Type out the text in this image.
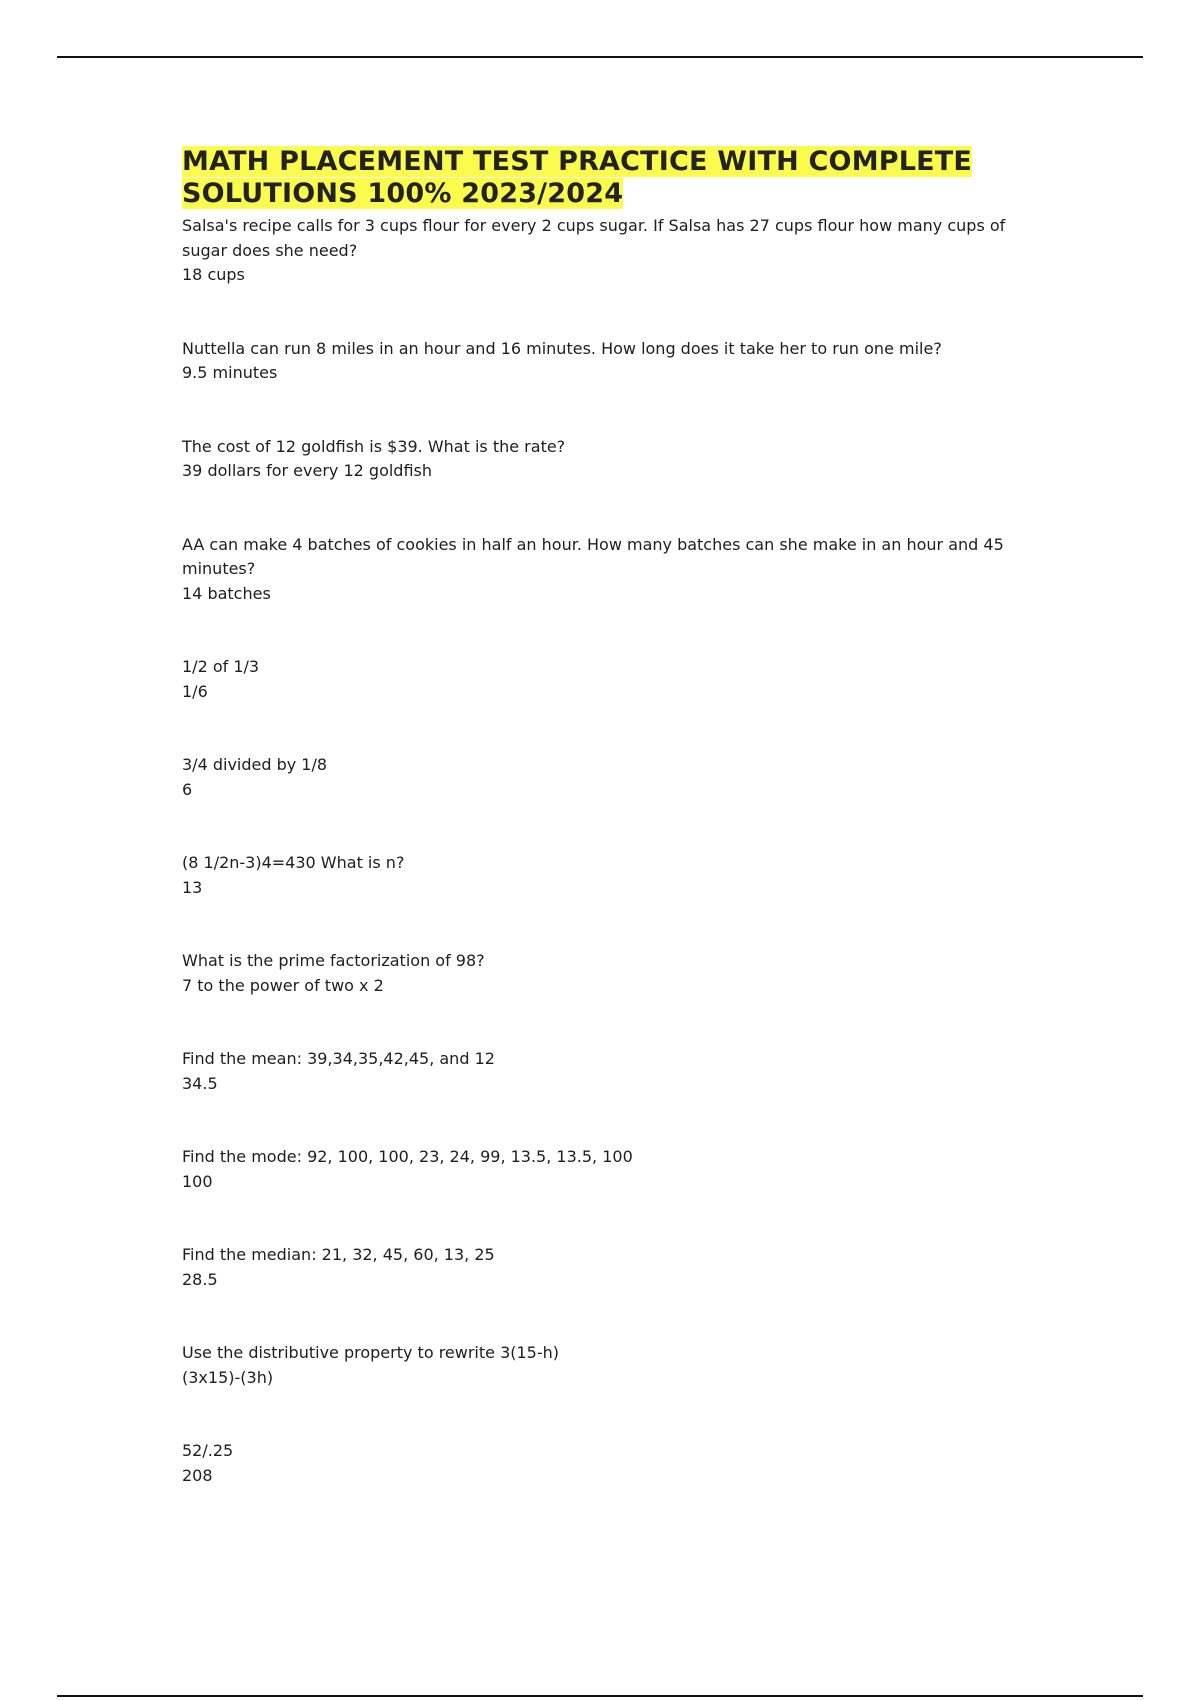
MATH PLACEMENT TEST PRACTICE WITH COMPLETE
SOLUTIONS 100% 2023/2024

Salsa's recipe calls for 3 cups flour for every 2 cups sugar. If Salsa has 27 cups flour how many cups of sugar does she need?

18 cups

Nuttella can run 8 miles in an hour and 16 minutes. How long does it take her to run one mile?

9.5 minutes

The cost of 12 goldfish is $39. What is the rate?

39 dollars for every 12 goldfish

AA can make 4 batches of cookies in half an hour. How many batches can she make in an hour and 45 minutes?

14 batches

1/2 of 1/3

1/6

3/4 divided by 1/8

6

(8 1/2n-3)4=430 What is n?

13

What is the prime factorization of 98?

7 to the power of two x 2

Find the mean: 39,34,35,42,45, and 12

34.5

Find the mode: 92, 100, 100, 23, 24, 99, 13.5, 13.5, 100

100

Find the median: 21, 32, 45, 60, 13, 25

28.5

Use the distributive property to rewrite 3(15-h)

(3x15)-(3h)

52/.25

208
